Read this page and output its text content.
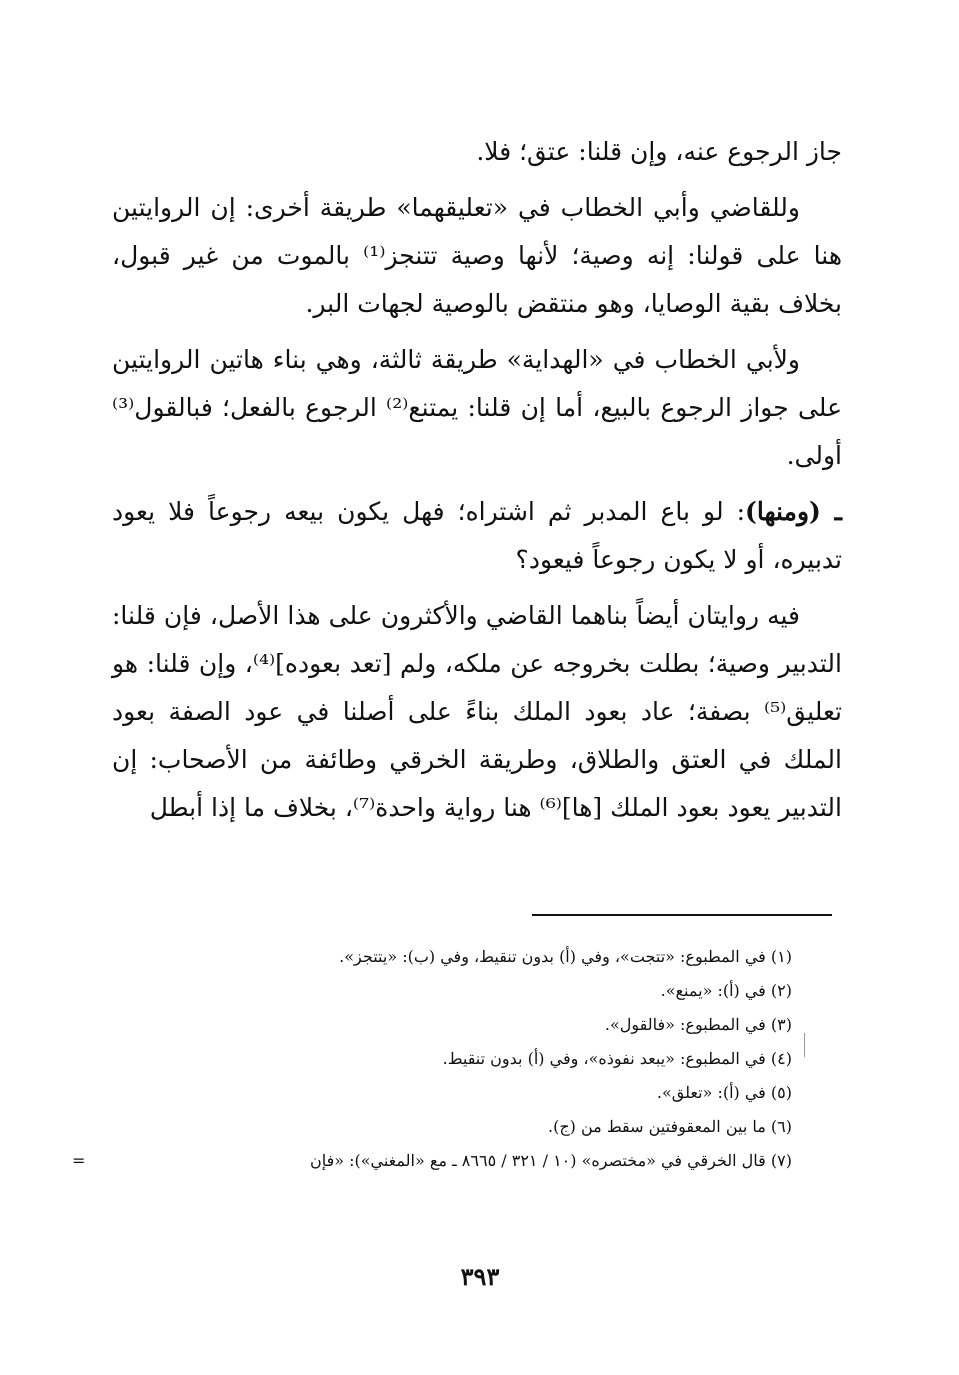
جاز الرجوع عنه، وإن قلنا: عتق؛ فلا.

وللقاضي وأبي الخطاب في «تعليقهما» طريقة أخرى: إن الروايتين هنا على قولنا: إنه وصية؛ لأنها وصية تتنجز⁽¹⁾ بالموت من غير قبول، بخلاف بقية الوصايا، وهو منتقض بالوصية لجهات البر.

ولأبي الخطاب في «الهداية» طريقة ثالثة، وهي بناء هاتين الروايتين على جواز الرجوع بالبيع، أما إن قلنا: يمتنع⁽²⁾ الرجوع بالفعل؛ فبالقول⁽³⁾ أولى.

ـ (ومنها): لو باع المدبر ثم اشتراه؛ فهل يكون بيعه رجوعاً فلا يعود تدبيره، أو لا يكون رجوعاً فيعود؟

فيه روايتان أيضاً بناهما القاضي والأكثرون على هذا الأصل، فإن قلنا: التدبير وصية؛ بطلت بخروجه عن ملكه، ولم [تعد بعوده]⁽⁴⁾، وإن قلنا: هو تعليق⁽⁵⁾ بصفة؛ عاد بعود الملك بناءً على أصلنا في عود الصفة بعود الملك في العتق والطلاق، وطريقة الخرقي وطائفة من الأصحاب: إن التدبير يعود بعود الملك [ها]⁽⁶⁾ هنا رواية واحدة⁽⁷⁾، بخلاف ما إذا أبطل

(١) في المطبوع: «تتجت»، وفي (أ) بدون تنقيط، وفي (ب): «يتتجز».

(٢) في (أ): «يمنع».

(٣) في المطبوع: «فالقول».

(٤) في المطبوع: «يبعد نفوذه»، وفي (أ) بدون تنقيط.

(٥) في (أ): «تعلق».

(٦) ما بين المعقوفتين سقط من (ج).

(٧) قال الخرقي في «مختصره» (١٠ / ٣٢١ / ٨٦٦٥ ـ مع «المغني»): «فإن
=

٣٩٣
